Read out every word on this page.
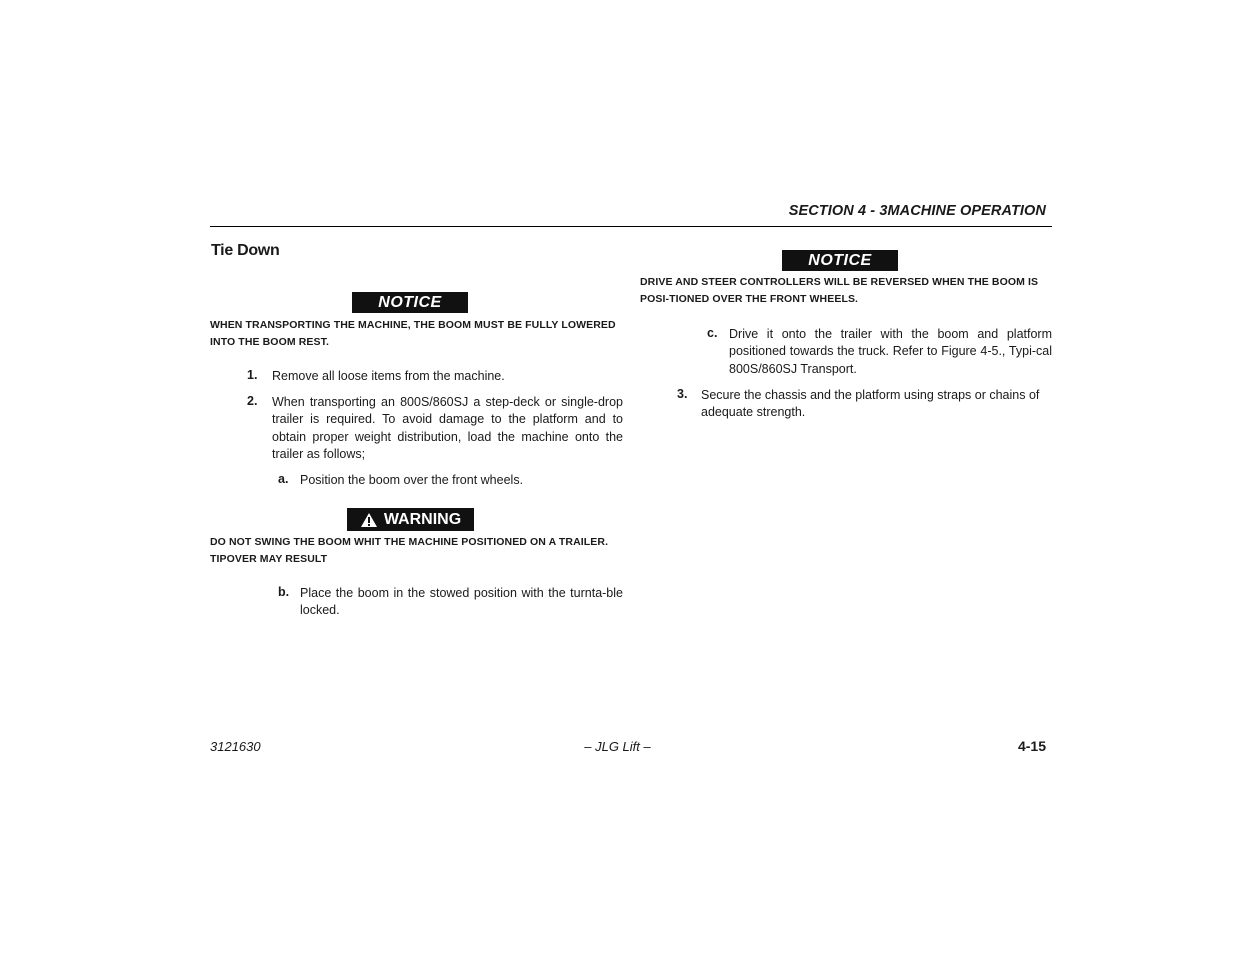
SECTION 4 - 3MACHINE OPERATION
Tie Down
NOTICE
WHEN TRANSPORTING THE MACHINE, THE BOOM MUST BE FULLY LOWERED INTO THE BOOM REST.
1. Remove all loose items from the machine.
2. When transporting an 800S/860SJ a step-deck or single-drop trailer is required. To avoid damage to the platform and to obtain proper weight distribution, load the machine onto the trailer as follows;
a. Position the boom over the front wheels.
WARNING
DO NOT SWING THE BOOM WHIT THE MACHINE POSITIONED ON A TRAILER. TIPOVER MAY RESULT
b. Place the boom in the stowed position with the turnta-ble locked.
NOTICE
DRIVE AND STEER CONTROLLERS WILL BE REVERSED WHEN THE BOOM IS POSI-TIONED OVER THE FRONT WHEELS.
c. Drive it onto the trailer with the boom and platform positioned towards the truck. Refer to Figure 4-5., Typi-cal 800S/860SJ Transport.
3. Secure the chassis and the platform using straps or chains of adequate strength.
3121630	– JLG Lift –	4-15
